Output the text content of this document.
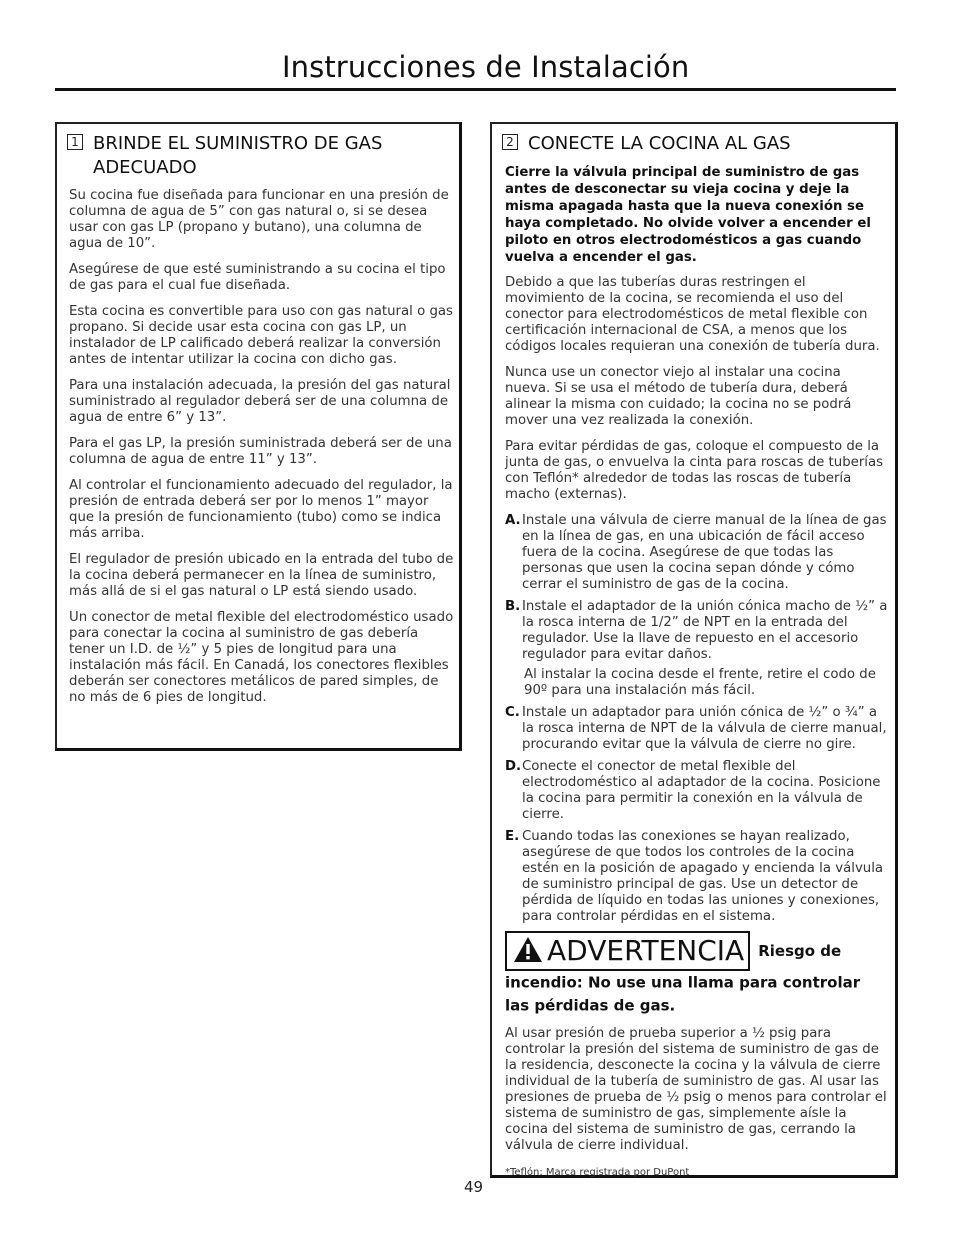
Instrucciones de Instalación
1 BRINDE EL SUMINISTRO DE GAS ADECUADO

Su cocina fue diseñada para funcionar en una presión de columna de agua de 5” con gas natural o, si se desea usar con gas LP (propano y butano), una columna de agua de 10”.

Asegúrese de que esté suministrando a su cocina el tipo de gas para el cual fue diseñada.

Esta cocina es convertible para uso con gas natural o gas propano. Si decide usar esta cocina con gas LP, un instalador de LP calificado deberá realizar la conversión antes de intentar utilizar la cocina con dicho gas.

Para una instalación adecuada, la presión del gas natural suministrado al regulador deberá ser de una columna de agua de entre 6” y 13”.

Para el gas LP, la presión suministrada deberá ser de una columna de agua de entre 11” y 13”.

Al controlar el funcionamiento adecuado del regulador, la presión de entrada deberá ser por lo menos 1” mayor que la presión de funcionamiento (tubo) como se indica más arriba.

El regulador de presión ubicado en la entrada del tubo de la cocina deberá permanecer en la línea de suministro, más allá de si el gas natural o LP está siendo usado.

Un conector de metal flexible del electrodoméstico usado para conectar la cocina al suministro de gas debería tener un I.D. de ½” y 5 pies de longitud para una instalación más fácil. En Canadá, los conectores flexibles deberán ser conectores metálicos de pared simples, de no más de 6 pies de longitud.

2 CONECTE LA COCINA AL GAS

Cierre la válvula principal de suministro de gas antes de desconectar su vieja cocina y deje la misma apagada hasta que la nueva conexión se haya completado. No olvide volver a encender el piloto en otros electrodomésticos a gas cuando vuelva a encender el gas.

Debido a que las tuberías duras restringen el movimiento de la cocina, se recomienda el uso del conector para electrodomésticos de metal flexible con certificación internacional de CSA, a menos que los códigos locales requieran una conexión de tubería dura.

Nunca use un conector viejo al instalar una cocina nueva. Si se usa el método de tubería dura, deberá alinear la misma con cuidado; la cocina no se podrá mover una vez realizada la conexión.

Para evitar pérdidas de gas, coloque el compuesto de la junta de gas, o envuelva la cinta para roscas de tuberías con Teflón* alrededor de todas las roscas de tubería macho (externas).

A. Instale una válvula de cierre manual de la línea de gas en la línea de gas, en una ubicación de fácil acceso fuera de la cocina. Asegúrese de que todas las personas que usen la cocina sepan dónde y cómo cerrar el suministro de gas de la cocina.
B. Instale el adaptador de la unión cónica macho de ½” a la rosca interna de 1/2” de NPT en la entrada del regulador. Use la llave de repuesto en el accesorio regulador para evitar daños.
Al instalar la cocina desde el frente, retire el codo de 90º para una instalación más fácil.
C. Instale un adaptador para unión cónica de ½” o ¾” a la rosca interna de NPT de la válvula de cierre manual, procurando evitar que la válvula de cierre no gire.
D. Conecte el conector de metal flexible del electrodoméstico al adaptador de la cocina. Posicione la cocina para permitir la conexión en la válvula de cierre.
E. Cuando todas las conexiones se hayan realizado, asegúrese de que todos los controles de la cocina estén en la posición de apagado y encienda la válvula de suministro principal de gas. Use un detector de pérdida de líquido en todas las uniones y conexiones, para controlar pérdidas en el sistema.
ADVERTENCIA Riesgo de incendio: No use una llama para controlar las pérdidas de gas.

Al usar presión de prueba superior a ½ psig para controlar la presión del sistema de suministro de gas de la residencia, desconecte la cocina y la válvula de cierre individual de la tubería de suministro de gas. Al usar las presiones de prueba de ½ psig o menos para controlar el sistema de suministro de gas, simplemente aísle la cocina del sistema de suministro de gas, cerrando la válvula de cierre individual.

*Teflón: Marca registrada por DuPont

49
